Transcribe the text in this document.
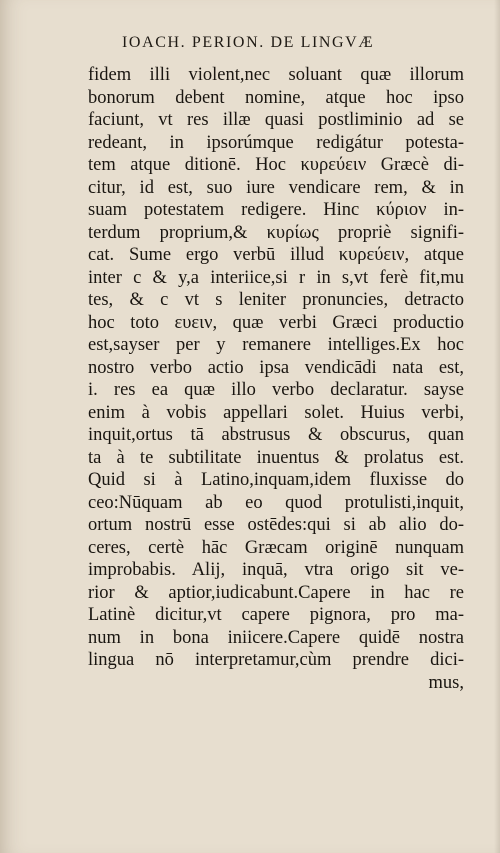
IOACH. PERION. DE LINGVÆ
fidem illi violent,nec soluant quæ illorum
bonorum debent nomine, atque hoc ipso
faciunt, vt res illæ quasi postliminio ad se
redeant, in ipsorúmque redigátur potesta-
tem atque ditionē. Hoc κυρεύειν Græcè di-
citur, id est, suo iure vendicare rem, & in
suam potestatem redigere. Hinc κύριον in-
terdum proprium,& κυρίως propriè signifi-
cat. Sume ergo verbū illud κυρεύειν, atque
inter c & y,a interiice,si r in s,vt ferè fit,mu
tes, & c vt s leniter pronuncies, detracto
hoc toto ευειν, quæ verbi Græci productio
est,sayser per y remanere intelliges.Ex hoc
nostro verbo actio ipsa vendicādi nata est,
i. res ea quæ illo verbo declaratur. sayse
enim à vobis appellari solet. Huius verbi,
inquit,ortus tā abstrusus & obscurus, quan
ta à te subtilitate inuentus & prolatus est.
Quid si à Latino,inquam,idem fluxisse do
ceo:Nūquam ab eo quod protulisti,inquit,
ortum nostrū esse ostēdes:qui si ab alio do-
ceres, certè hāc Græcam originē nunquam
improbabis. Alij, inquā, vtra origo sit ve-
rior & aptior,iudicabunt.Capere in hac re
Latinè dicitur,vt capere pignora, pro ma-
num in bona iniicere.Capere quidē nostra
lingua nō interpretamur,cùm prendre dici-
mus,
